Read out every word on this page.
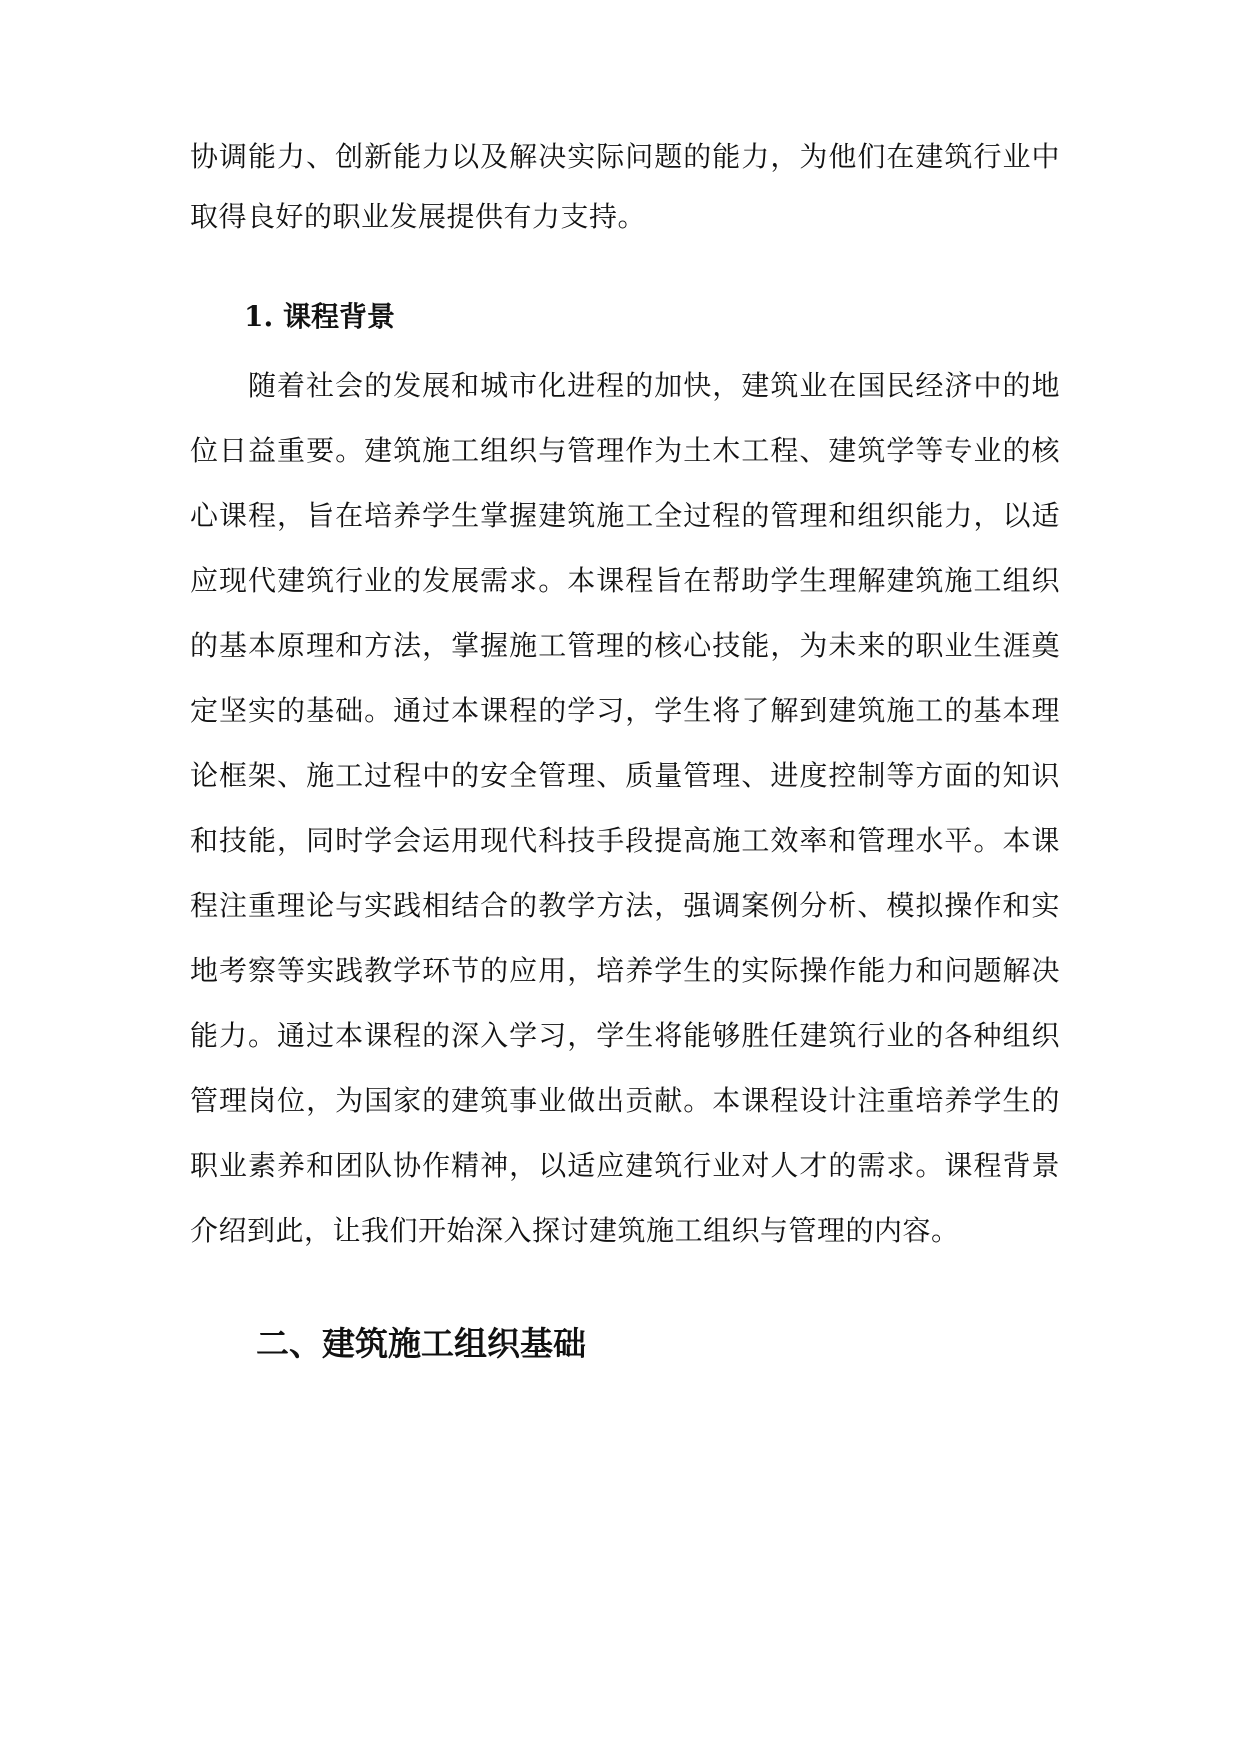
协调能力、创新能力以及解决实际问题的能力，为他们在建筑行业中
取得良好的职业发展提供有力支持。
1. 课程背景
随着社会的发展和城市化进程的加快，建筑业在国民经济中的地
位日益重要。建筑施工组织与管理作为土木工程、建筑学等专业的核
心课程，旨在培养学生掌握建筑施工全过程的管理和组织能力，以适
应现代建筑行业的发展需求。本课程旨在帮助学生理解建筑施工组织
的基本原理和方法，掌握施工管理的核心技能，为未来的职业生涯奠
定坚实的基础。通过本课程的学习，学生将了解到建筑施工的基本理
论框架、施工过程中的安全管理、质量管理、进度控制等方面的知识
和技能，同时学会运用现代科技手段提高施工效率和管理水平。本课
程注重理论与实践相结合的教学方法，强调案例分析、模拟操作和实
地考察等实践教学环节的应用，培养学生的实际操作能力和问题解决
能力。通过本课程的深入学习，学生将能够胜任建筑行业的各种组织
管理岗位，为国家的建筑事业做出贡献。本课程设计注重培养学生的
职业素养和团队协作精神，以适应建筑行业对人才的需求。课程背景
介绍到此，让我们开始深入探讨建筑施工组织与管理的内容。
二、建筑施工组织基础
